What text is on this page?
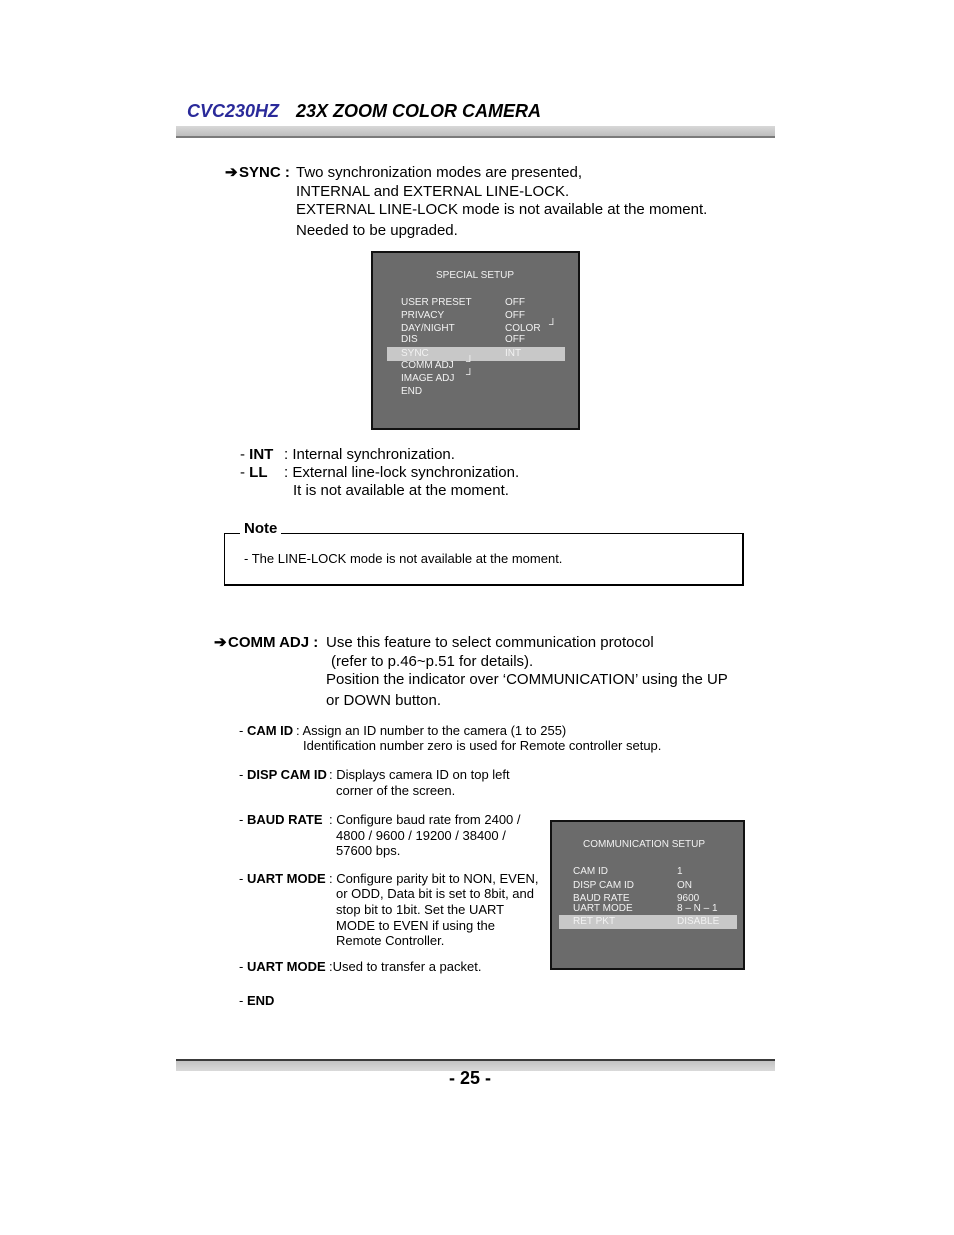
CVC230HZ 23X ZOOM COLOR CAMERA
➔SYNC : Two synchronization modes are presented,
INTERNAL and EXTERNAL LINE-LOCK.
EXTERNAL LINE-LOCK mode is not available at the moment.
Needed to be upgraded.
SPECIAL SETUP
USER PRESET	OFF
PRIVACY	OFF
DAY/NIGHT	COLOR ┘
DIS	OFF
SYNC	INT
COMM ADJ ┘
IMAGE ADJ ┘
END
- INT : Internal synchronization.
- LL : External line-lock synchronization.
It is not available at the moment.
Note
- The LINE-LOCK mode is not available at the moment.
➔COMM ADJ : Use this feature to select communication protocol
(refer to p.46~p.51 for details).
Position the indicator over ‘COMMUNICATION’ using the UP
or DOWN button.
- CAM ID : Assign an ID number to the camera (1 to 255)
Identification number zero is used for Remote controller setup.
- DISP CAM ID : Displays camera ID on top left
corner of the screen.
- BAUD RATE : Configure baud rate from 2400 /
4800 / 9600 / 19200 / 38400 /
57600 bps.
- UART MODE : Configure parity bit to NON, EVEN,
or ODD, Data bit is set to 8bit, and
stop bit to 1bit. Set the UART
MODE to EVEN if using the
Remote Controller.
- UART MODE :Used to transfer a packet.
- END
COMMUNICATION SETUP
CAM ID	1
DISP CAM ID	ON
BAUD RATE	9600
UART MODE	8 – N – 1
RET PKT	DISABLE
- 25 -
